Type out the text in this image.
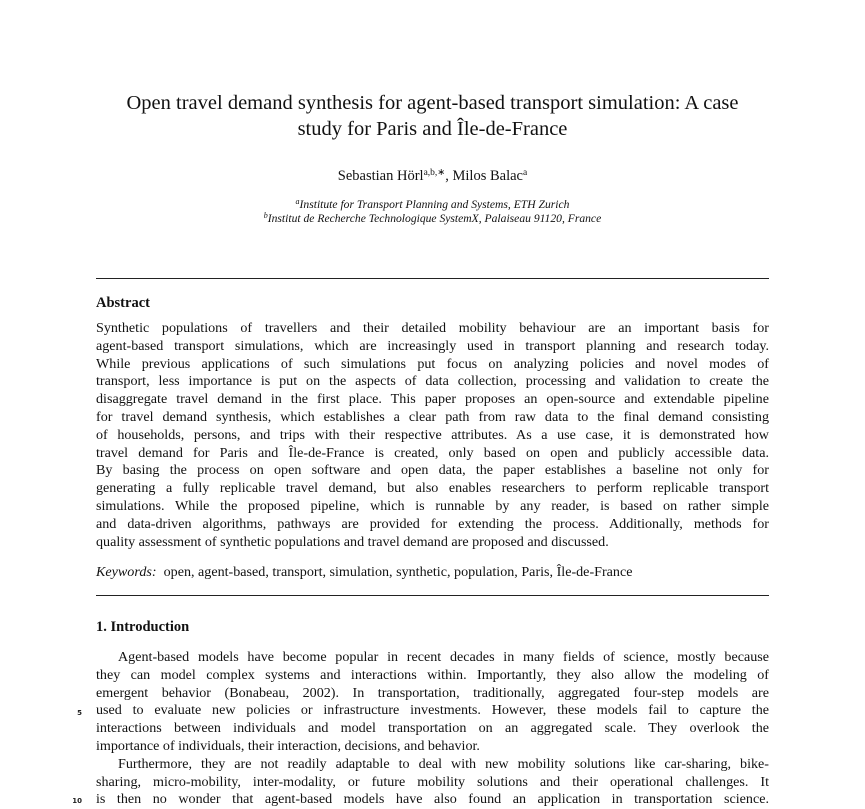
Open travel demand synthesis for agent-based transport simulation: A case
study for Paris and Île-de-France
Sebastian Hörl$^{a,b,∗}$, Milos Balac$^a$
$^a$Institute for Transport Planning and Systems, ETH Zurich
$^b$Institut de Recherche Technologique SystemX, Palaiseau 91120, France
Abstract
Synthetic populations of travellers and their detailed mobility behaviour are an important basis for
agent-based transport simulations, which are increasingly used in transport planning and research today.
While previous applications of such simulations put focus on analyzing policies and novel modes of
transport, less importance is put on the aspects of data collection, processing and validation to create the
disaggregate travel demand in the first place. This paper proposes an open-source and extendable pipeline
for travel demand synthesis, which establishes a clear path from raw data to the final demand consisting
of households, persons, and trips with their respective attributes. As a use case, it is demonstrated how
travel demand for Paris and Île-de-France is created, only based on open and publicly accessible data.
By basing the process on open software and open data, the paper establishes a baseline not only for
generating a fully replicable travel demand, but also enables researchers to perform replicable transport
simulations. While the proposed pipeline, which is runnable by any reader, is based on rather simple
and data-driven algorithms, pathways are provided for extending the process. Additionally, methods for
quality assessment of synthetic populations and travel demand are proposed and discussed.
Keywords: open, agent-based, transport, simulation, synthetic, population, Paris, Île-de-France
1. Introduction
Agent-based models have become popular in recent decades in many fields of science, mostly because
they can model complex systems and interactions within. Importantly, they also allow the modeling of
emergent behavior (Bonabeau, 2002). In transportation, traditionally, aggregated four-step models are
used to evaluate new policies or infrastructure investments. However, these models fail to capture the
interactions between individuals and model transportation on an aggregated scale. They overlook the
importance of individuals, their interaction, decisions, and behavior.
Furthermore, they are not readily adaptable to deal with new mobility solutions like car-sharing, bike-
sharing, micro-mobility, inter-modality, or future mobility solutions and their operational challenges. It
is then no wonder that agent-based models have also found an application in transportation science.
5
10
